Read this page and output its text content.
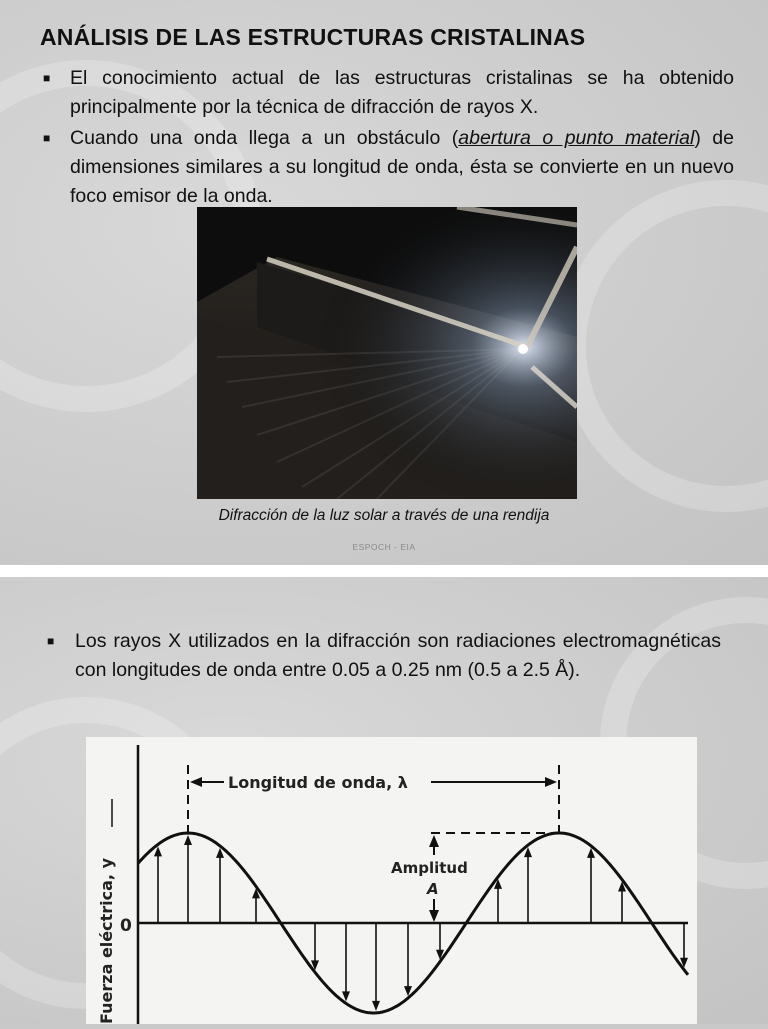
ANÁLISIS DE LAS ESTRUCTURAS CRISTALINAS
■ El conocimiento actual de las estructuras cristalinas se ha obtenido principalmente por la técnica de difracción de rayos X.
■ Cuando una onda llega a un obstáculo (abertura o punto material) de dimensiones similares a su longitud de onda, ésta se convierte en un nuevo foco emisor de la onda.
Difracción de la luz solar a través de una rendija
ESPOCH - EIA
■ Los rayos X utilizados en la difracción son radiaciones electromagnéticas con longitudes de onda entre 0.05 a 0.25 nm (0.5 a 2.5 Å).
Fuerza eléctrica, y 0
Longitud de onda, λ
Amplitud
A
